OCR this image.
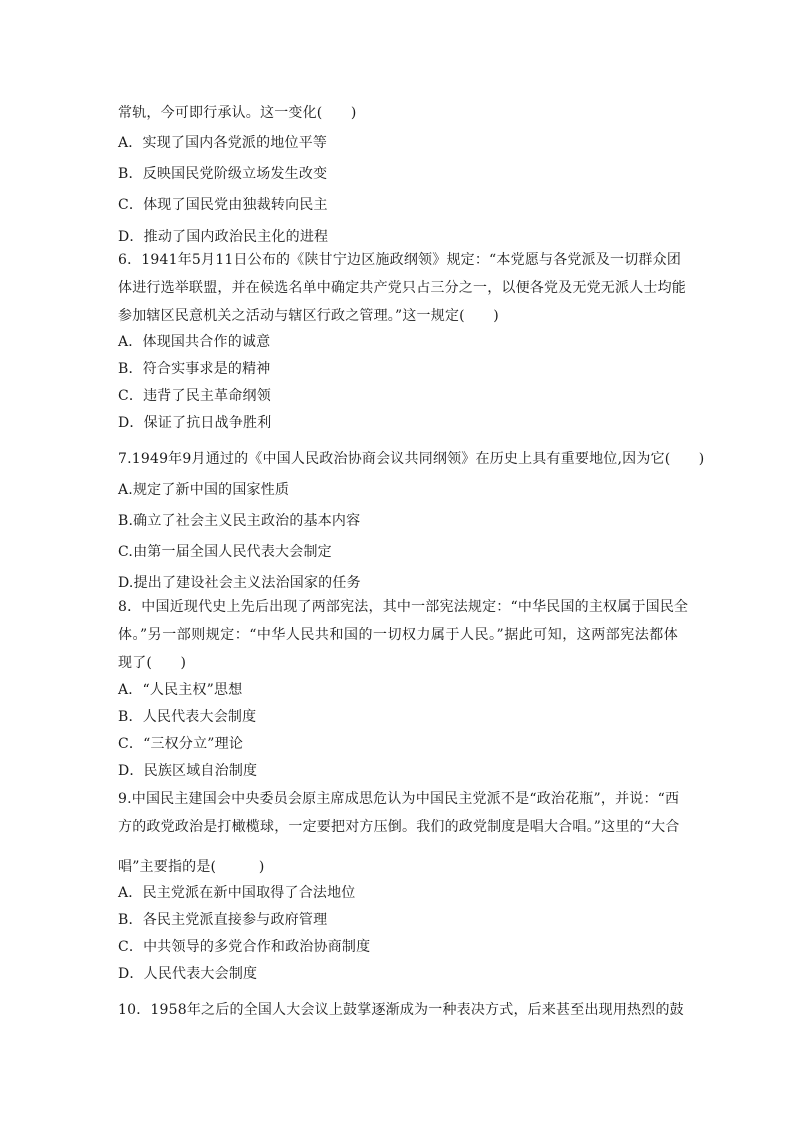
常轨，今可即行承认。这一变化(　　)
A．实现了国内各党派的地位平等
B．反映国民党阶级立场发生改变
C．体现了国民党由独裁转向民主
D．推动了国内政治民主化的进程
6．1941年5月11日公布的《陕甘宁边区施政纲领》规定：“本党愿与各党派及一切群众团
体进行选举联盟，并在候选名单中确定共产党只占三分之一，以便各党及无党无派人士均能
参加辖区民意机关之活动与辖区行政之管理。”这一规定(　　)
A．体现国共合作的诚意
B．符合实事求是的精神
C．违背了民主革命纲领
D．保证了抗日战争胜利
7.1949年9月通过的《中国人民政治协商会议共同纲领》在历史上具有重要地位,因为它(　　)
A.规定了新中国的国家性质
B.确立了社会主义民主政治的基本内容
C.由第一届全国人民代表大会制定
D.提出了建设社会主义法治国家的任务
8．中国近现代史上先后出现了两部宪法，其中一部宪法规定：“中华民国的主权属于国民全
体。”另一部则规定：“中华人民共和国的一切权力属于人民。”据此可知，这两部宪法都体
现了(　　)
A．“人民主权”思想
B．人民代表大会制度
C．“三权分立”理论
D．民族区域自治制度
9.中国民主建国会中央委员会原主席成思危认为中国民主党派不是“政治花瓶”，并说：“西
方的政党政治是打橄榄球，一定要把对方压倒。我们的政党制度是唱大合唱。”这里的“大合
唱”主要指的是(　　　)
A．民主党派在新中国取得了合法地位
B．各民主党派直接参与政府管理
C．中共领导的多党合作和政治协商制度
D．人民代表大会制度
10．1958年之后的全国人大会议上鼓掌逐渐成为一种表决方式，后来甚至出现用热烈的鼓
